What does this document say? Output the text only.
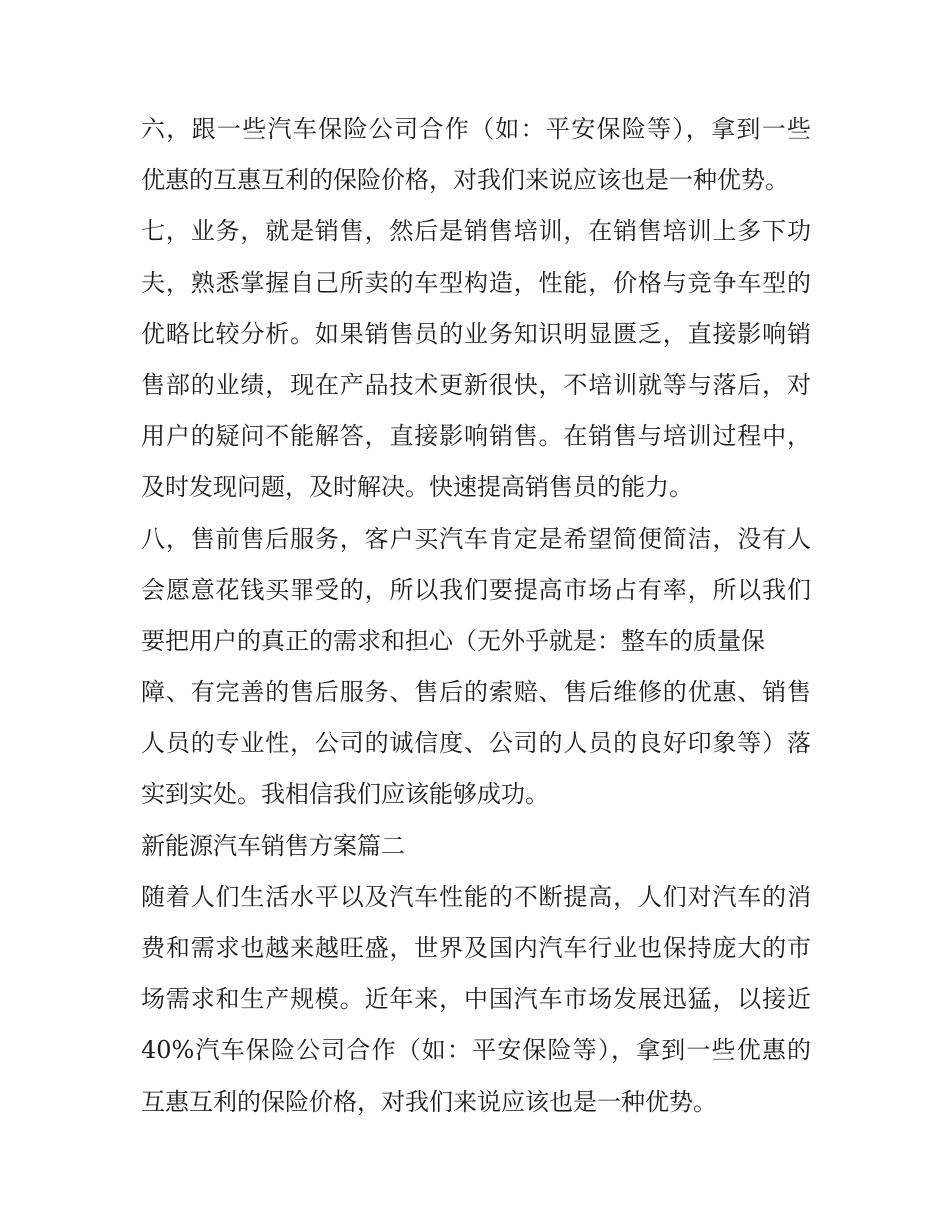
六，跟一些汽车保险公司合作（如：平安保险等），拿到一些
优惠的互惠互利的保险价格，对我们来说应该也是一种优势。
七，业务，就是销售，然后是销售培训，在销售培训上多下功
夫，熟悉掌握自己所卖的车型构造，性能，价格与竞争车型的
优略比较分析。如果销售员的业务知识明显匮乏，直接影响销
售部的业绩，现在产品技术更新很快，不培训就等与落后，对
用户的疑问不能解答，直接影响销售。在销售与培训过程中，
及时发现问题，及时解决。快速提高销售员的能力。
八，售前售后服务，客户买汽车肯定是希望简便简洁，没有人
会愿意花钱买罪受的，所以我们要提高市场占有率，所以我们
要把用户的真正的需求和担心（无外乎就是：整车的质量保
障、有完善的售后服务、售后的索赔、售后维修的优惠、销售
人员的专业性，公司的诚信度、公司的人员的良好印象等）落
实到实处。我相信我们应该能够成功。
新能源汽车销售方案篇二
随着人们生活水平以及汽车性能的不断提高，人们对汽车的消
费和需求也越来越旺盛，世界及国内汽车行业也保持庞大的市
场需求和生产规模。近年来，中国汽车市场发展迅猛，以接近
40%汽车保险公司合作（如：平安保险等），拿到一些优惠的
互惠互利的保险价格，对我们来说应该也是一种优势。
